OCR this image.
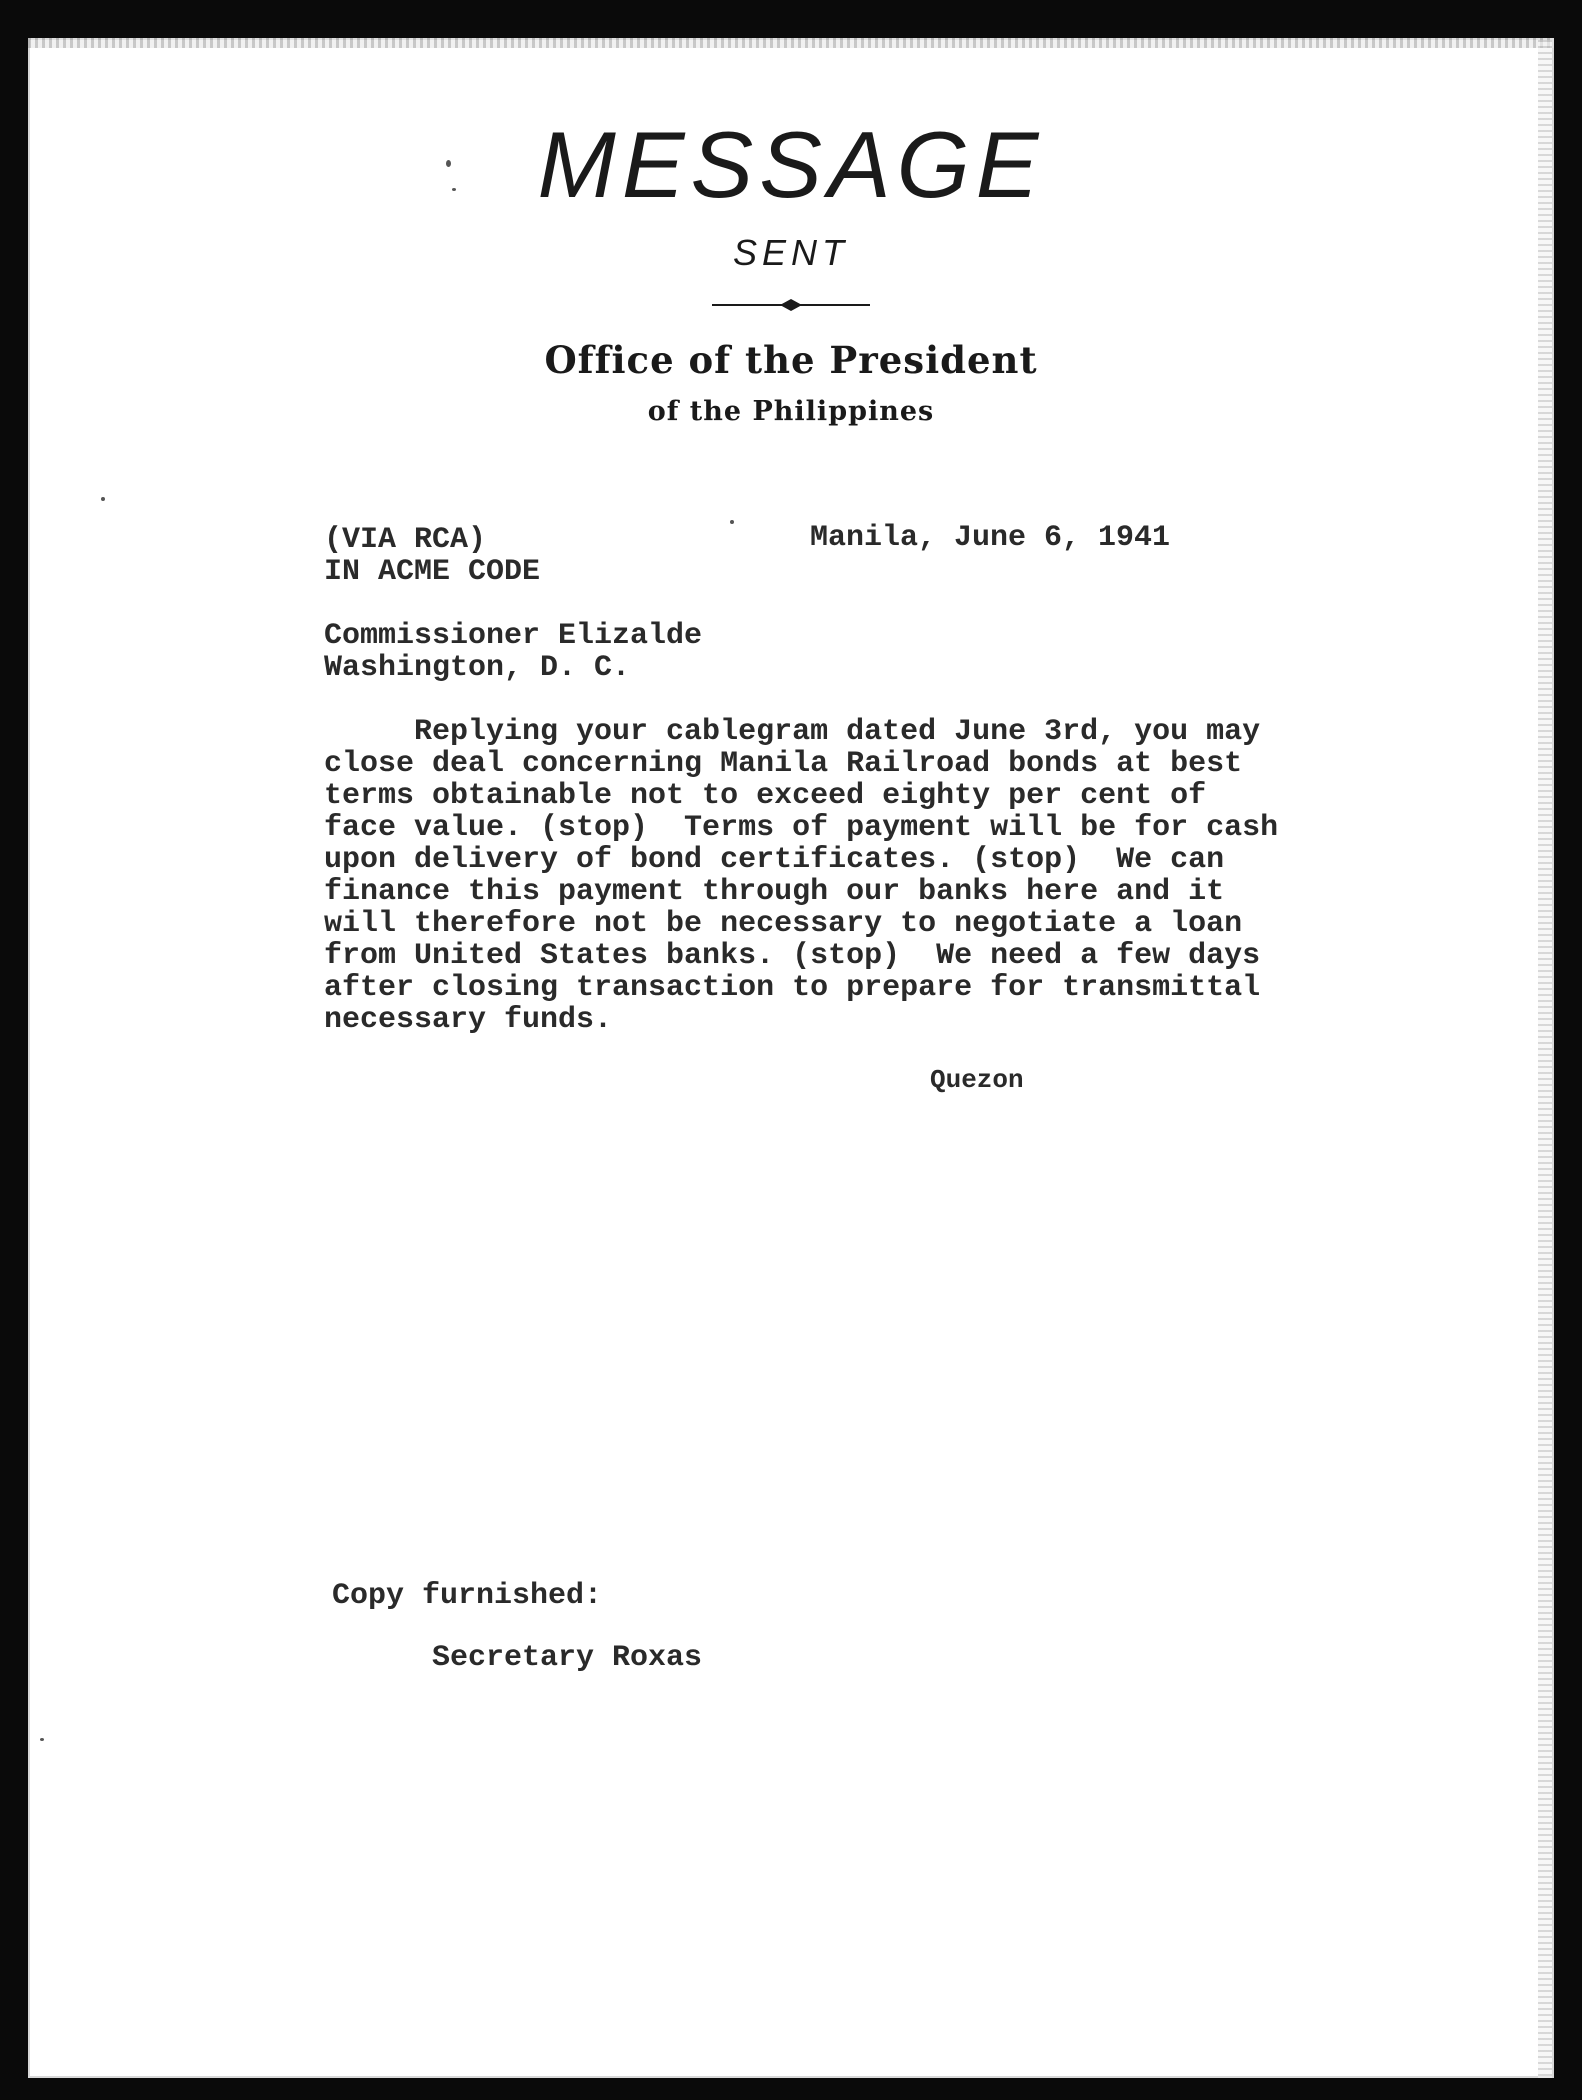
MESSAGE
SENT
Office of the President
of the Philippines
(VIA RCA)
IN ACME CODE
Manila, June 6, 1941
Commissioner Elizalde
Washington, D. C.
Replying your cablegram dated June 3rd, you may
close deal concerning Manila Railroad bonds at best
terms obtainable not to exceed eighty per cent of
face value. (stop)  Terms of payment will be for cash
upon delivery of bond certificates. (stop)  We can
finance this payment through our banks here and it
will therefore not be necessary to negotiate a loan
from United States banks. (stop)  We need a few days
after closing transaction to prepare for transmittal
necessary funds.
Quezon
Copy furnished:
Secretary Roxas
